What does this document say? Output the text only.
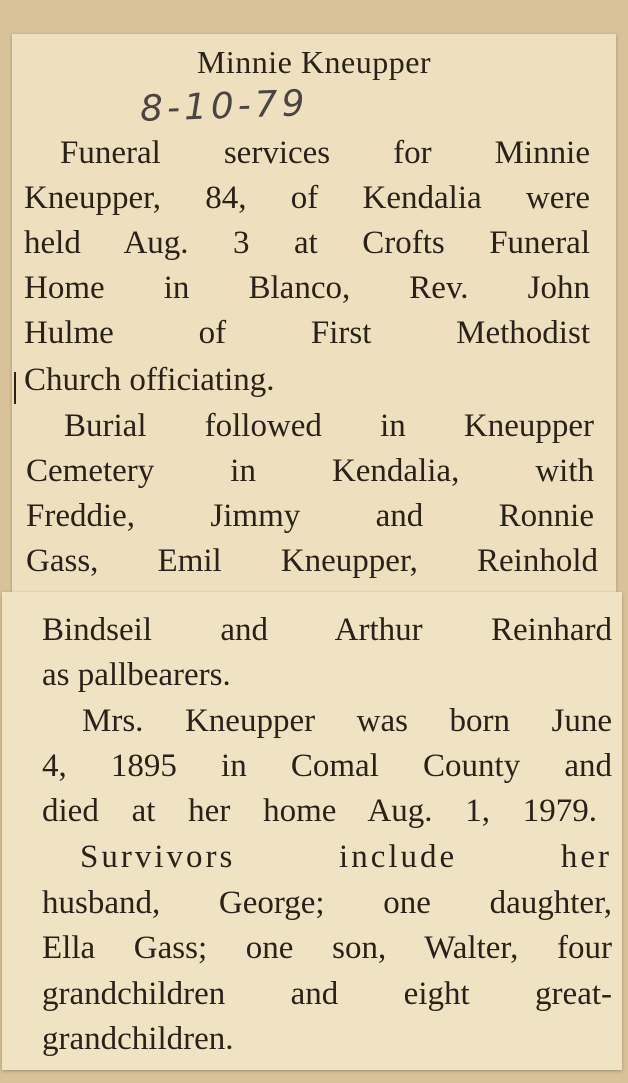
Minnie Kneupper
8-10-79
Funeral services for Minnie
Kneupper, 84, of Kendalia were
held Aug. 3 at Crofts Funeral
Home in Blanco, Rev. John
Hulme of First Methodist
Church officiating.
Burial followed in Kneupper
Cemetery in Kendalia, with
Freddie, Jimmy and Ronnie
Gass, Emil Kneupper, Reinhold
Bindseil and Arthur Reinhard
as pallbearers.
Mrs. Kneupper was born June
4, 1895 in Comal County and
died at her home Aug. 1, 1979.
Survivors include her
husband, George; one daughter,
Ella Gass; one son, Walter, four
grandchildren and eight great-
grandchildren.
